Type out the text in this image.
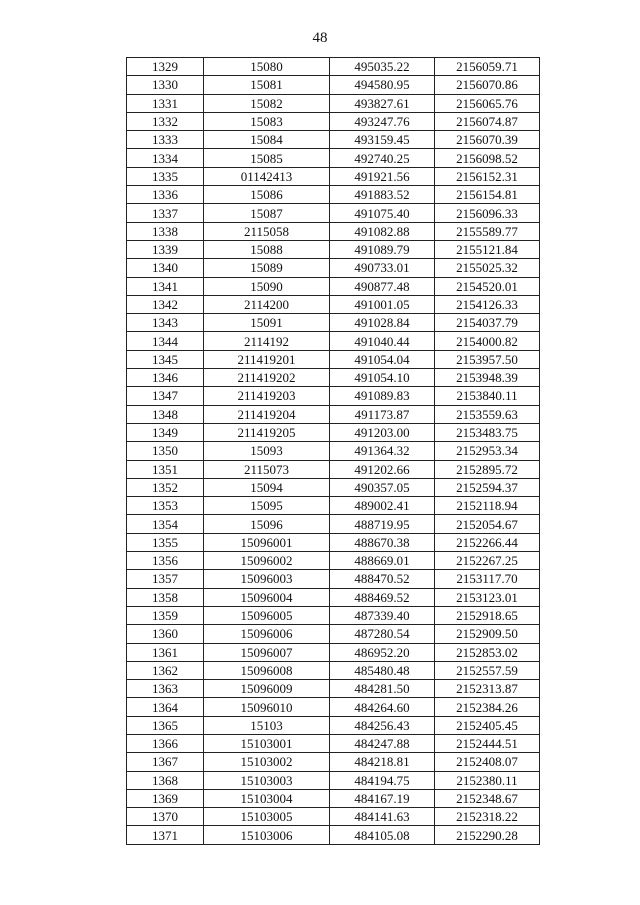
48
1329	15080	495035.22	2156059.71
1330	15081	494580.95	2156070.86
1331	15082	493827.61	2156065.76
1332	15083	493247.76	2156074.87
1333	15084	493159.45	2156070.39
1334	15085	492740.25	2156098.52
1335	01142413	491921.56	2156152.31
1336	15086	491883.52	2156154.81
1337	15087	491075.40	2156096.33
1338	2115058	491082.88	2155589.77
1339	15088	491089.79	2155121.84
1340	15089	490733.01	2155025.32
1341	15090	490877.48	2154520.01
1342	2114200	491001.05	2154126.33
1343	15091	491028.84	2154037.79
1344	2114192	491040.44	2154000.82
1345	211419201	491054.04	2153957.50
1346	211419202	491054.10	2153948.39
1347	211419203	491089.83	2153840.11
1348	211419204	491173.87	2153559.63
1349	211419205	491203.00	2153483.75
1350	15093	491364.32	2152953.34
1351	2115073	491202.66	2152895.72
1352	15094	490357.05	2152594.37
1353	15095	489002.41	2152118.94
1354	15096	488719.95	2152054.67
1355	15096001	488670.38	2152266.44
1356	15096002	488669.01	2152267.25
1357	15096003	488470.52	2153117.70
1358	15096004	488469.52	2153123.01
1359	15096005	487339.40	2152918.65
1360	15096006	487280.54	2152909.50
1361	15096007	486952.20	2152853.02
1362	15096008	485480.48	2152557.59
1363	15096009	484281.50	2152313.87
1364	15096010	484264.60	2152384.26
1365	15103	484256.43	2152405.45
1366	15103001	484247.88	2152444.51
1367	15103002	484218.81	2152408.07
1368	15103003	484194.75	2152380.11
1369	15103004	484167.19	2152348.67
1370	15103005	484141.63	2152318.22
1371	15103006	484105.08	2152290.28
